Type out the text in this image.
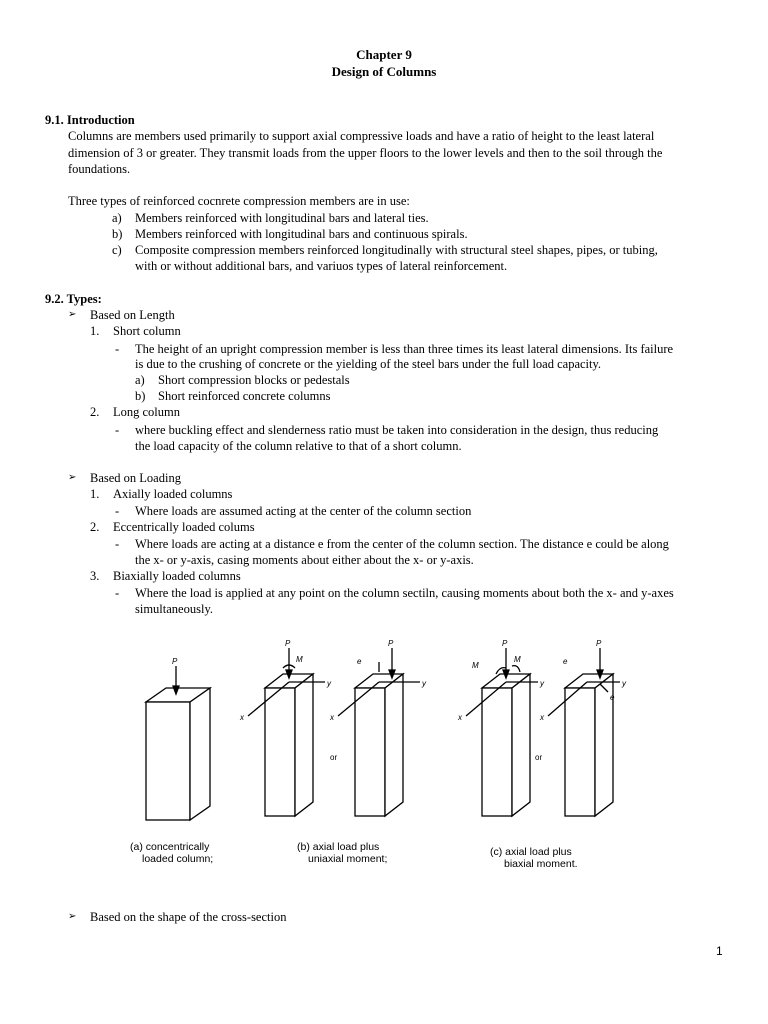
Chapter 9
Design of Columns
9.1. Introduction
Columns are members used primarily to support axial compressive loads and have a ratio of height to the least lateral
dimension of 3 or greater. They transmit loads from the upper floors to the lower levels and then to the soil through the
foundations.
Three types of reinforced cocnrete compression members are in use:
a) Members reinforced with longitudinal bars and lateral ties.
b) Members reinforced with longitudinal bars and continuous spirals.
c) Composite compression members reinforced longitudinally with structural steel shapes, pipes, or tubing,
with or without additional bars, and variuos types of lateral reinforcement.
9.2. Types:
➢ Based on Length
1. Short column
- The height of an upright compression member is less than three times its least lateral dimensions. Its failure
is due to the crushing of concrete or the yielding of the steel bars under the full load capacity.
a) Short compression blocks or pedestals
b) Short reinforced concrete columns
2. Long column
- where buckling effect and slenderness ratio must be taken into consideration in the design, thus reducing
the load capacity of the column relative to that of a short column.
➢ Based on Loading
1. Axially loaded columns
- Where loads are assumed acting at the center of the column section
2. Eccentrically loaded colums
- Where loads are acting at a distance e from the center of the column section. The distance e could be along
the x- or y-axis, casing moments about either about the x- or y-axis.
3. Biaxially loaded columns
- Where the load is applied at any point on the column sectiln, causing moments about both the x- and y-axes
simultaneously.
P
P
M
y
x
P
e
y
x
P
M
M
y
x
P
e
e
y
x
or	or
(a) concentrically
loaded column;
(b) axial load plus
uniaxial moment;
(c) axial load plus
biaxial moment.
➢ Based on the shape of the cross-section
1
